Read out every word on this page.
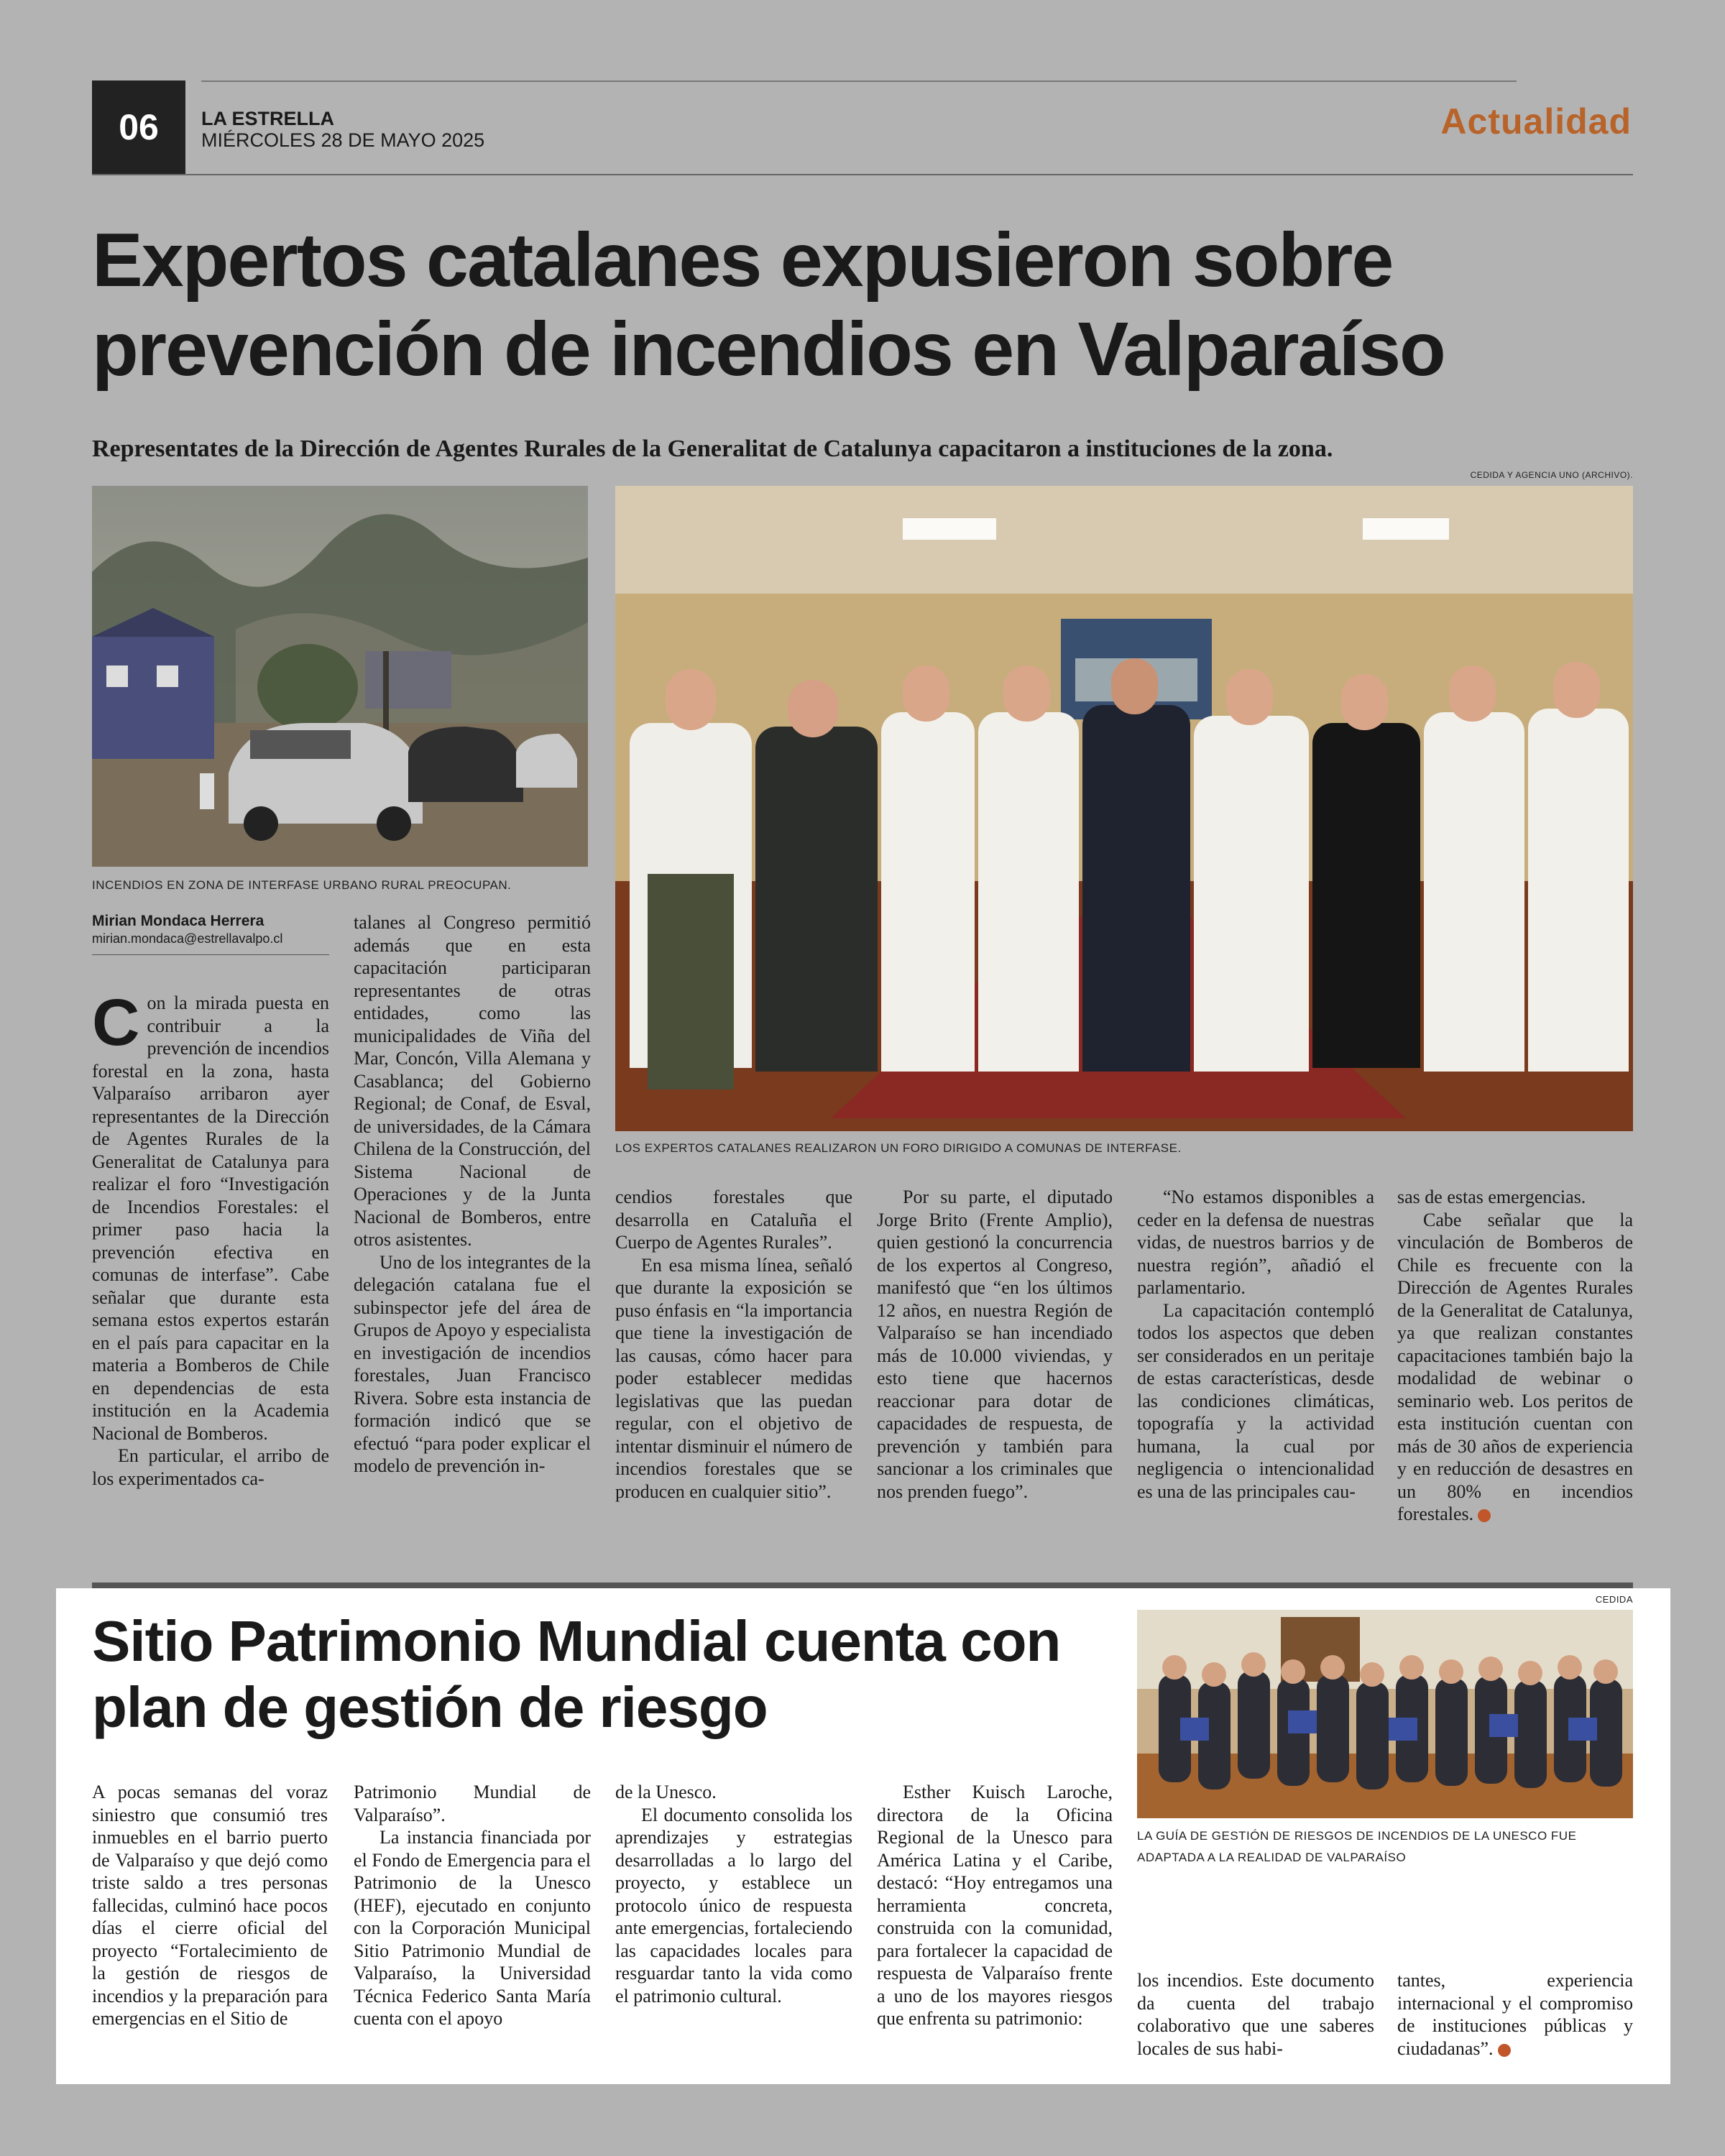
06	LA ESTRELLA
MIÉRCOLES 28 DE MAYO 2025	Actualidad
Expertos catalanes expusieron sobre prevención de incendios en Valparaíso
Representates de la Dirección de Agentes Rurales de la Generalitat de Catalunya capacitaron a instituciones de la zona.
CEDIDA Y AGENCIA UNO (ARCHIVO).
INCENDIOS EN ZONA DE INTERFASE URBANO RURAL PREOCUPAN.
LOS EXPERTOS CATALANES REALIZARON UN FORO DIRIGIDO A COMUNAS DE INTERFASE.
Mirian Mondaca Herrera
mirian.mondaca@estrellavalpo.cl

Con la mirada puesta en contribuir a la prevención de incendios forestal en la zona, hasta Valparaíso arribaron ayer representantes de la Dirección de Agentes Rurales de la Generalitat de Catalunya para realizar el foro “Investigación de Incendios Forestales: el primer paso hacia la prevención efectiva en comunas de interfase”. Cabe señalar que durante esta semana estos expertos estarán en el país para capacitar en la materia a Bomberos de Chile en dependencias de esta institución en la Academia Nacional de Bomberos.

En particular, el arribo de los experimentados ca-

talanes al Congreso permitió además que en esta capacitación participaran representantes de otras entidades, como las municipalidades de Viña del Mar, Concón, Villa Alemana y Casablanca; del Gobierno Regional; de Conaf, de Esval, de universidades, de la Cámara Chilena de la Construcción, del Sistema Nacional de Operaciones y de la Junta Nacional de Bomberos, entre otros asistentes.

Uno de los integrantes de la delegación catalana fue el subinspector jefe del área de Grupos de Apoyo y especialista en investigación de incendios forestales, Juan Francisco Rivera. Sobre esta instancia de formación indicó que se efectuó “para poder explicar el modelo de prevención in-

cendios forestales que desarrolla en Cataluña el Cuerpo de Agentes Rurales”.

En esa misma línea, señaló que durante la exposición se puso énfasis en “la importancia que tiene la investigación de las causas, cómo hacer para poder establecer medidas legislativas que las puedan regular, con el objetivo de intentar disminuir el número de incendios forestales que se producen en cualquier sitio”.

Por su parte, el diputado Jorge Brito (Frente Amplio), quien gestionó la concurrencia de los expertos al Congreso, manifestó que “en los últimos 12 años, en nuestra Región de Valparaíso se han incendiado más de 10.000 viviendas, y esto tiene que hacernos reaccionar para dotar de capacidades de respuesta, de prevención y también para sancionar a los criminales que nos prenden fuego”.

“No estamos disponibles a ceder en la defensa de nuestras vidas, de nuestros barrios y de nuestra región”, añadió el parlamentario.

La capacitación contempló todos los aspectos que deben ser considerados en un peritaje de estas características, desde las condiciones climáticas, topografía y la actividad humana, la cual por negligencia o intencionalidad es una de las principales cau-

sas de estas emergencias.

Cabe señalar que la vinculación de Bomberos de Chile es frecuente con la Dirección de Agentes Rurales de la Generalitat de Catalunya, ya que realizan constantes capacitaciones también bajo la modalidad de webinar o seminario web. Los peritos de esta institución cuentan con más de 30 años de experiencia y en reducción de desastres en un 80% en incendios forestales.

Sitio Patrimonio Mundial cuenta con plan de gestión de riesgo
CEDIDA
LA GUÍA DE GESTIÓN DE RIESGOS DE INCENDIOS DE LA UNESCO FUE ADAPTADA A LA REALIDAD DE VALPARAÍSO

A pocas semanas del voraz siniestro que consumió tres inmuebles en el barrio puerto de Valparaíso y que dejó como triste saldo a tres personas fallecidas, culminó hace pocos días el cierre oficial del proyecto “Fortalecimiento de la gestión de riesgos de incendios y la preparación para emergencias en el Sitio de

Patrimonio Mundial de Valparaíso”.

La instancia financiada por el Fondo de Emergencia para el Patrimonio de la Unesco (HEF), ejecutado en conjunto con la Corporación Municipal Sitio Patrimonio Mundial de Valparaíso, la Universidad Técnica Federico Santa María cuenta con el apoyo

de la Unesco.

El documento consolida los aprendizajes y estrategias desarrolladas a lo largo del proyecto, y establece un protocolo único de respuesta ante emergencias, fortaleciendo las capacidades locales para resguardar tanto la vida como el patrimonio cultural.

Esther Kuisch Laroche, directora de la Oficina Regional de la Unesco para América Latina y el Caribe, destacó: “Hoy entregamos una herramienta concreta, construida con la comunidad, para fortalecer la capacidad de respuesta de Valparaíso frente a uno de los mayores riesgos que enfrenta su patrimonio:

los incendios. Este documento da cuenta del trabajo colaborativo que une saberes locales de sus habi-

tantes, experiencia internacional y el compromiso de instituciones públicas y ciudadanas”.
